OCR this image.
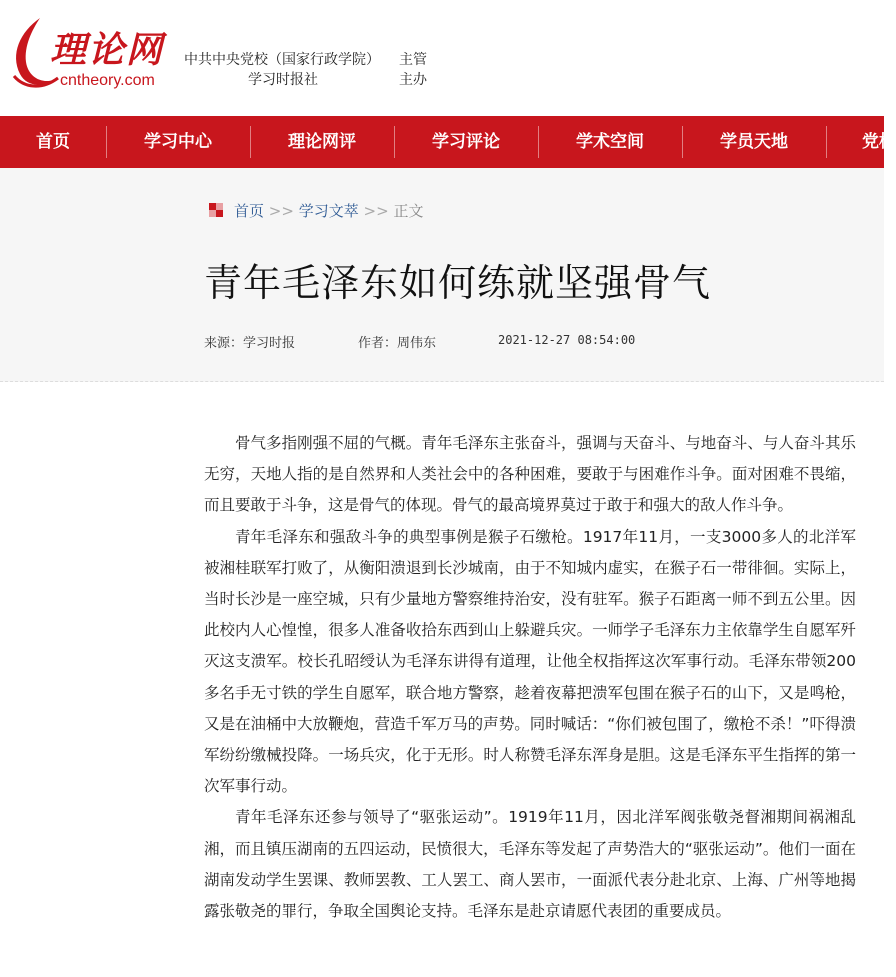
理论网
cntheory.com
中共中央党校（国家行政学院） 主管
学习时报社	主办
首页	学习中心	理论网评	学习评论	学术空间	学员天地	党校
首页 >> 学习文萃 >> 正文
青年毛泽东如何练就坚强骨气
来源：学习时报	作者：周伟东	2021-12-27 08:54:00

骨气多指刚强不屈的气概。青年毛泽东主张奋斗，强调与天奋斗、与地奋斗、与人奋斗其乐无穷，天地人指的是自然界和人类社会中的各种困难，要敢于与困难作斗争。面对困难不畏缩，而且要敢于斗争，这是骨气的体现。骨气的最高境界莫过于敢于和强大的敌人作斗争。

青年毛泽东和强敌斗争的典型事例是猴子石缴枪。1917年11月，一支3000多人的北洋军被湘桂联军打败了，从衡阳溃退到长沙城南，由于不知城内虚实，在猴子石一带徘徊。实际上，当时长沙是一座空城，只有少量地方警察维持治安，没有驻军。猴子石距离一师不到五公里。因此校内人心惶惶，很多人准备收拾东西到山上躲避兵灾。一师学子毛泽东力主依靠学生自愿军歼灭这支溃军。校长孔昭绶认为毛泽东讲得有道理，让他全权指挥这次军事行动。毛泽东带领200多名手无寸铁的学生自愿军，联合地方警察，趁着夜幕把溃军包围在猴子石的山下，又是鸣枪，又是在油桶中大放鞭炮，营造千军万马的声势。同时喊话：“你们被包围了，缴枪不杀！”吓得溃军纷纷缴械投降。一场兵灾，化于无形。时人称赞毛泽东浑身是胆。这是毛泽东平生指挥的第一次军事行动。

青年毛泽东还参与领导了“驱张运动”。1919年11月，因北洋军阀张敬尧督湘期间祸湘乱湘，而且镇压湖南的五四运动，民愤很大，毛泽东等发起了声势浩大的“驱张运动”。他们一面在湖南发动学生罢课、教师罢教、工人罢工、商人罢市，一面派代表分赴北京、上海、广州等地揭露张敬尧的罪行，争取全国舆论支持。毛泽东是赴京请愿代表团的重要成员。
